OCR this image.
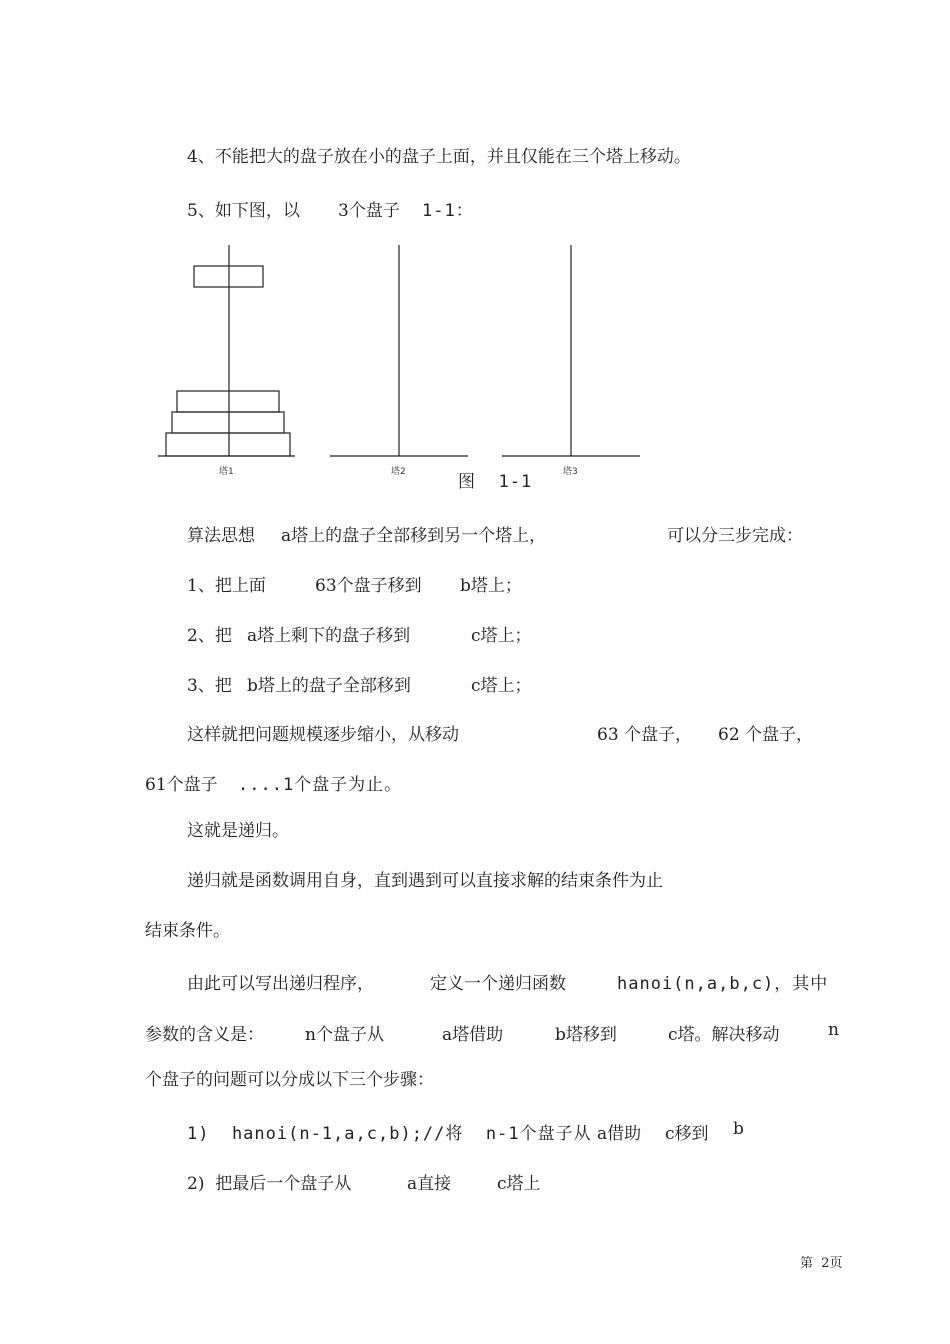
4、不能把大的盘子放在小的盘子上面，并且仅能在三个塔上移动。
5、如下图，以 3个盘子 1-1：
塔1	塔2	塔3
图  1-1
算法思想 a塔上的盘子全部移到另一个塔上，	可以分三步完成：
1、把上面	63个盘子移到 b塔上；
2、把 a塔上剩下的盘子移到	c塔上；
3、把 b塔上的盘子全部移到	c塔上；
这样就把问题规模逐步缩小，从移动	63 个盘子， 62 个盘子，
61个盘子 ....1个盘子为止。
这就是递归。
递归就是函数调用自身，直到遇到可以直接求解的结束条件为止
结束条件。
由此可以写出递归程序，	定义一个递归函数	hanoi(n,a,b,c)，其中
参数的含义是： n个盘子从	a塔借助	b塔移到	c塔。解决移动	n
个盘子的问题可以分成以下三个步骤：
1)  hanoi(n-1,a,c,b);//将  n-1个盘子从 a借助 c移到 b
2)  把最后一个盘子从	a直接	c塔上
第  2页
